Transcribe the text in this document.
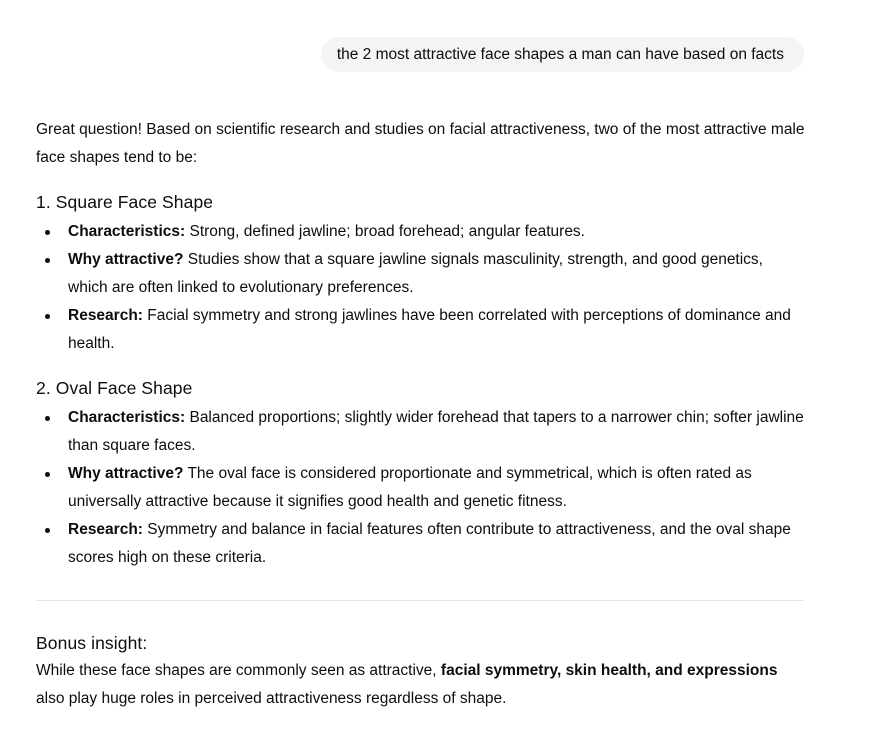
the 2 most attractive face shapes a man can have based on facts

Great question! Based on scientific research and studies on facial attractiveness, two of the most attractive male face shapes tend to be:

1. Square Face Shape
Characteristics: Strong, defined jawline; broad forehead; angular features.
Why attractive? Studies show that a square jawline signals masculinity, strength, and good genetics, which are often linked to evolutionary preferences.
Research: Facial symmetry and strong jawlines have been correlated with perceptions of dominance and health.
2. Oval Face Shape
Characteristics: Balanced proportions; slightly wider forehead that tapers to a narrower chin; softer jawline than square faces.
Why attractive? The oval face is considered proportionate and symmetrical, which is often rated as universally attractive because it signifies good health and genetic fitness.
Research: Symmetry and balance in facial features often contribute to attractiveness, and the oval shape scores high on these criteria.
Bonus insight:

While these face shapes are commonly seen as attractive, facial symmetry, skin health, and expressions also play huge roles in perceived attractiveness regardless of shape.
